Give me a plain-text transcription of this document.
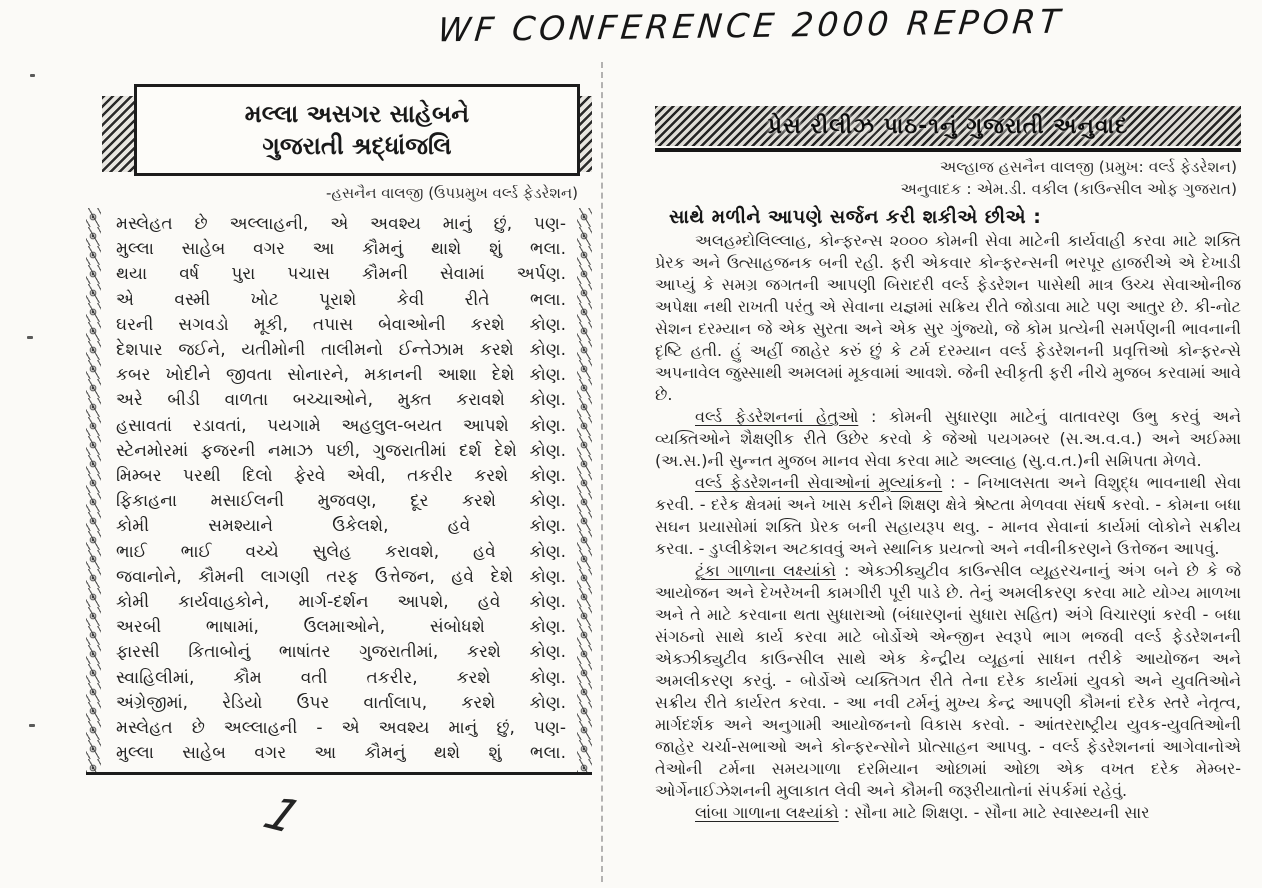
WF CONFERENCE 2000 REPORT
મલ્લા અસગર સાહેબને
ગુજરાતી શ્રદ્ધાંજલિ
-હસનૈન વાલજી (ઉપપ્રમુખ વર્લ્ડ ફેડરેશન)
મસ્લેહત છે અલ્લાહની, એ અવશ્ય માનું છું, પણ-
મુલ્લા સાહેબ વગર આ કૌમનું થાશે શું ભલા.
થયા વર્ષ પુરા પચાસ કૌમની સેવામાં અર્પણ.
એ વસ્મી ખોટ પૂરાશે કેવી રીતે ભલા.
ઘરની સગવડો મૂકી, તપાસ બેવાઓની કરશે કોણ.
દેશપાર જઈને, યતીમોની તાલીમનો ઈન્તેઝામ કરશે કોણ.
કબર ખોદીને જીવતા સોનારને, મકાનની આશા દેશે કોણ.
અરે બીડી વાળતા બચ્ચાઓને, મુક્ત કરાવશે કોણ.
હસાવતાં રડાવતાં, પયગામે અહલુલ-બયત આપશે કોણ.
સ્ટેનમોરમાં ફજરની નમાઝ પછી, ગુજરાતીમાં દર્શ દેશે કોણ.
મિમ્બર પરથી દિલો ફેરવે એવી, તકરીર કરશે કોણ.
ફિકાહના મસાઈલની મુજવણ, દૂર કરશે કોણ.
કોમી સમશ્યાને ઉકેલશે, હવે કોણ.
ભાઈ ભાઈ વચ્ચે સુલેહ કરાવશે, હવે કોણ.
જવાનોને, કૌમની લાગણી તરફ ઉત્તેજન, હવે દેશે કોણ.
કોમી કાર્યવાહકોને, માર્ગ-દર્શન આપશે, હવે કોણ.
અરબી ભાષામાં, ઉલમાઓને, સંબોધશે કોણ.
ફારસી કિતાબોનું ભાષાંતર ગુજરાતીમાં, કરશે કોણ.
સ્વાહિલીમાં, કૌમ વતી તકરીર, કરશે કોણ.
અંગ્રેજીમાં, રેડિયો ઉપર વાર્તાલાપ, કરશે કોણ.
મસ્લેહત છે અલ્લાહની - એ અવશ્ય માનું છું, પણ-
મુલ્લા સાહેબ વગર આ કૌમનું થશે શું ભલા.
1
પ્રેસ રીલીઝ પાઠ-૧નું ગુજરાતી અનુવાદ
અલ્હાજ હસનૈન વાલજી (પ્રમુખ: વર્લ્ડ ફેડરેશન)
અનુવાદક : એમ.ડી. વકીલ (કાઉન્સીલ ઓફ ગુજરાત)
સાથે મળીને આપણે સર્જન કરી શકીએ છીએ :

અલહમ્દોલિલ્લાહ, કોન્ફરન્સ ૨૦૦૦ કોમની સેવા માટેની કાર્યવાહી કરવા માટે શક્તિ પ્રેરક અને ઉત્સાહજનક બની રહી. ફરી એકવાર કોન્ફરન્સની ભરપૂર હાજરીએ એ દેખાડી આપ્યું કે સમગ્ર જગતની આપણી બિરાદરી વર્લ્ડ ફેડરેશન પાસેથી માત્ર ઉચ્ચ સેવાઓનીજ અપેક્ષા નથી રાખતી પરંતુ એ સેવાના યજ્ઞમાં સક્રિય રીતે જોડાવા માટે પણ આતુર છે. કી-નોટ સેશન દરમ્યાન જે એક સુરતા અને એક સુર ગુંજ્યો, જે કોમ પ્રત્યેની સમર્પણની ભાવનાની દૃષ્ટિ હતી. હું અહીં જાહેર કરું છું કે ટર્મ દરમ્યાન વર્લ્ડ ફેડરેશનની પ્રવૃત્તિઓ કોન્ફરન્સે અપનાવેલ જુસ્સાથી અમલમાં મૂકવામાં આવશે. જેની સ્વીકૃતી ફરી નીચે મુજબ કરવામાં આવે છે.

વર્લ્ડ ફેડરેશનનાં હેતુઓ : કોમની સુધારણા માટેનું વાતાવરણ ઉભુ કરવું અને વ્યક્તિઓને શૈક્ષણીક રીતે ઉછેર કરવો કે જેઓ પયગમ્બર (સ.અ.વ.વ.) અને અઈમ્મા (અ.સ.)ની સુન્નત મુજબ માનવ સેવા કરવા માટે અલ્લાહ (સુ.વ.ત.)ની સમિપતા મેળવે.

વર્લ્ડ ફેડરેશનની સેવાઓનાં મુલ્યાંકનો : - નિખાલસતા અને વિશુદ્ધ ભાવનાથી સેવા કરવી. - દરેક ક્ષેત્રમાં અને ખાસ કરીને શિક્ષણ ક્ષેત્રે શ્રેષ્ટતા મેળવવા સંઘર્ષ કરવો. - કોમના બધા સઘન પ્રયાસોમાં શક્તિ પ્રેરક બની સહાયરૂપ થવુ. - માનવ સેવાનાં કાર્યમાં લોકોને સક્રીય કરવા. - ડુપ્લીકેશન અટકાવવું અને સ્થાનિક પ્રયત્નો અને નવીનીકરણને ઉત્તેજન આપવું.

ટૂંકા ગાળાના લક્ષ્યાંકો : એક્ઝીક્યુટીવ કાઉન્સીલ વ્યૂહરચનાનું અંગ બને છે કે જે આયોજન અને દેખરેખની કામગીરી પૂરી પાડે છે. તેનું અમલીકરણ કરવા માટે યોગ્ય માળખા અને તે માટે કરવાના થતા સુધારાઓ (બંધારણનાં સુધારા સહિત) અંગે વિચારણાં કરવી - બધા સંગઠનો સાથે કાર્ય કરવા માટે બોર્ડોએ એન્જીન સ્વરૂપે ભાગ ભજવી વર્લ્ડ ફેડરેશનની એક્ઝીક્યુટીવ કાઉન્સીલ સાથે એક કેન્દ્રીય વ્યૂહનાં સાધન તરીકે આયોજન અને અમલીકરણ કરવું. - બોર્ડોએ વ્યક્તિગત રીતે તેના દરેક કાર્યમાં યુવકો અને યુવતિઓને સક્રીય રીતે કાર્યરત કરવા. - આ નવી ટર્મનું મુખ્ય કેન્દ્ર આપણી કૌમનાં દરેક સ્તરે નેતૃત્વ, માર્ગદર્શક અને અનુગામી આયોજનનો વિકાસ કરવો. - આંતરરાષ્ટ્રીય યુવક-યુવતિઓની જાહેર ચર્ચા-સભાઓ અને કોન્ફરન્સોને પ્રોત્સાહન આપવુ. - વર્લ્ડ ફેડરેશનનાં આગેવાનોએ તેઓની ટર્મના સમયગાળા દરમિયાન ઓછામાં ઓછા એક વખત દરેક મેમ્બર-ઓર્ગેનાઈઝેશનની મુલાકાત લેવી અને કૌમની જરૂરીયાતોનાં સંપર્કમાં રહેવું.

લાંબા ગાળાના લક્ષ્યાંકો : સૌના માટે શિક્ષણ. - સૌના માટે સ્વાસ્થ્યની સાર
